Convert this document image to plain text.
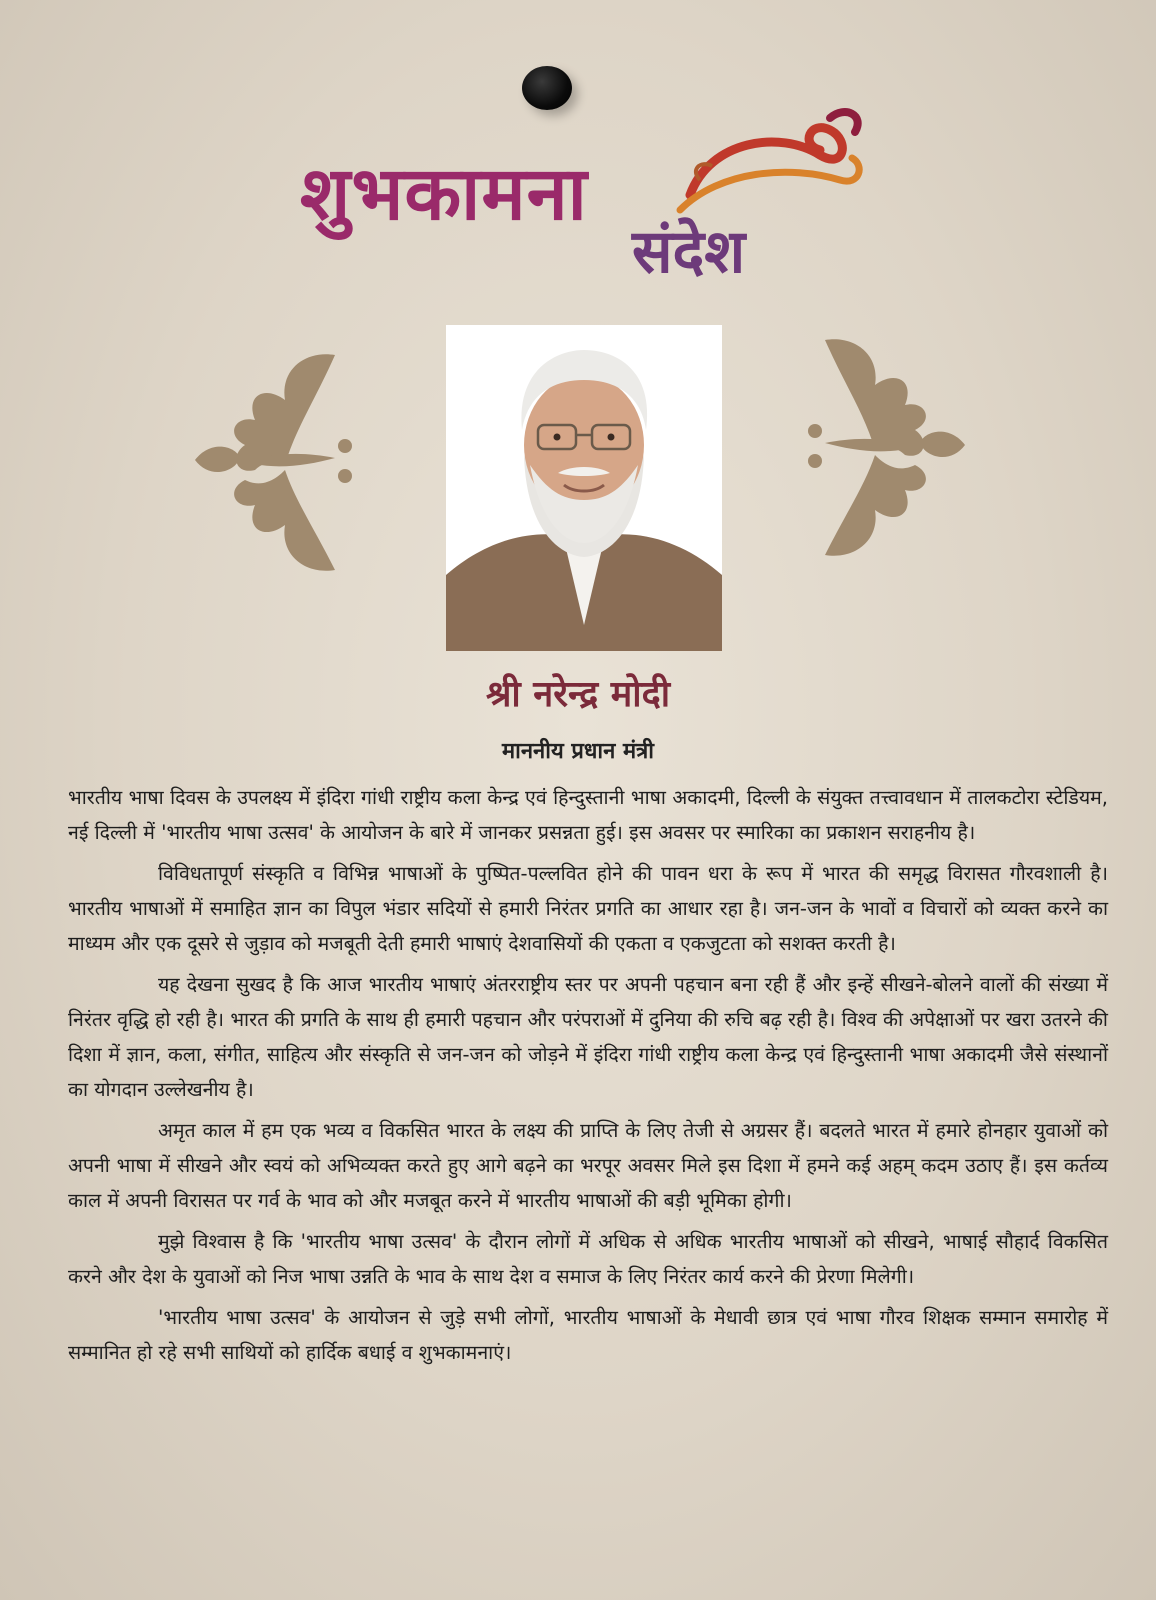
शुभकामना
संदेश
श्री नरेन्द्र मोदी
माननीय प्रधान मंत्री

भारतीय भाषा दिवस के उपलक्ष्य में इंदिरा गांधी राष्ट्रीय कला केन्द्र एवं हिन्दुस्तानी भाषा अकादमी, दिल्ली के संयुक्त तत्त्वावधान में तालकटोरा स्टेडियम, नई दिल्ली में 'भारतीय भाषा उत्सव' के आयोजन के बारे में जानकर प्रसन्नता हुई। इस अवसर पर स्मारिका का प्रकाशन सराहनीय है।

विविधतापूर्ण संस्कृति व विभिन्न भाषाओं के पुष्पित-पल्लवित होने की पावन धरा के रूप में भारत की समृद्ध विरासत गौरवशाली है। भारतीय भाषाओं में समाहित ज्ञान का विपुल भंडार सदियों से हमारी निरंतर प्रगति का आधार रहा है। जन-जन के भावों व विचारों को व्यक्त करने का माध्यम और एक दूसरे से जुड़ाव को मजबूती देती हमारी भाषाएं देशवासियों की एकता व एकजुटता को सशक्त करती है।

यह देखना सुखद है कि आज भारतीय भाषाएं अंतरराष्ट्रीय स्तर पर अपनी पहचान बना रही हैं और इन्हें सीखने-बोलने वालों की संख्या में निरंतर वृद्धि हो रही है। भारत की प्रगति के साथ ही हमारी पहचान और परंपराओं में दुनिया की रुचि बढ़ रही है। विश्व की अपेक्षाओं पर खरा उतरने की दिशा में ज्ञान, कला, संगीत, साहित्य और संस्कृति से जन-जन को जोड़ने में इंदिरा गांधी राष्ट्रीय कला केन्द्र एवं हिन्दुस्तानी भाषा अकादमी जैसे संस्थानों का योगदान उल्लेखनीय है।

अमृत काल में हम एक भव्य व विकसित भारत के लक्ष्य की प्राप्ति के लिए तेजी से अग्रसर हैं। बदलते भारत में हमारे होनहार युवाओं को अपनी भाषा में सीखने और स्वयं को अभिव्यक्त करते हुए आगे बढ़ने का भरपूर अवसर मिले इस दिशा में हमने कई अहम् कदम उठाए हैं। इस कर्तव्य काल में अपनी विरासत पर गर्व के भाव को और मजबूत करने में भारतीय भाषाओं की बड़ी भूमिका होगी।

मुझे विश्वास है कि 'भारतीय भाषा उत्सव' के दौरान लोगों में अधिक से अधिक भारतीय भाषाओं को सीखने, भाषाई सौहार्द विकसित करने और देश के युवाओं को निज भाषा उन्नति के भाव के साथ देश व समाज के लिए निरंतर कार्य करने की प्रेरणा मिलेगी।

'भारतीय भाषा उत्सव' के आयोजन से जुड़े सभी लोगों, भारतीय भाषाओं के मेधावी छात्र एवं भाषा गौरव शिक्षक सम्मान समारोह में सम्मानित हो रहे सभी साथियों को हार्दिक बधाई व शुभकामनाएं।
